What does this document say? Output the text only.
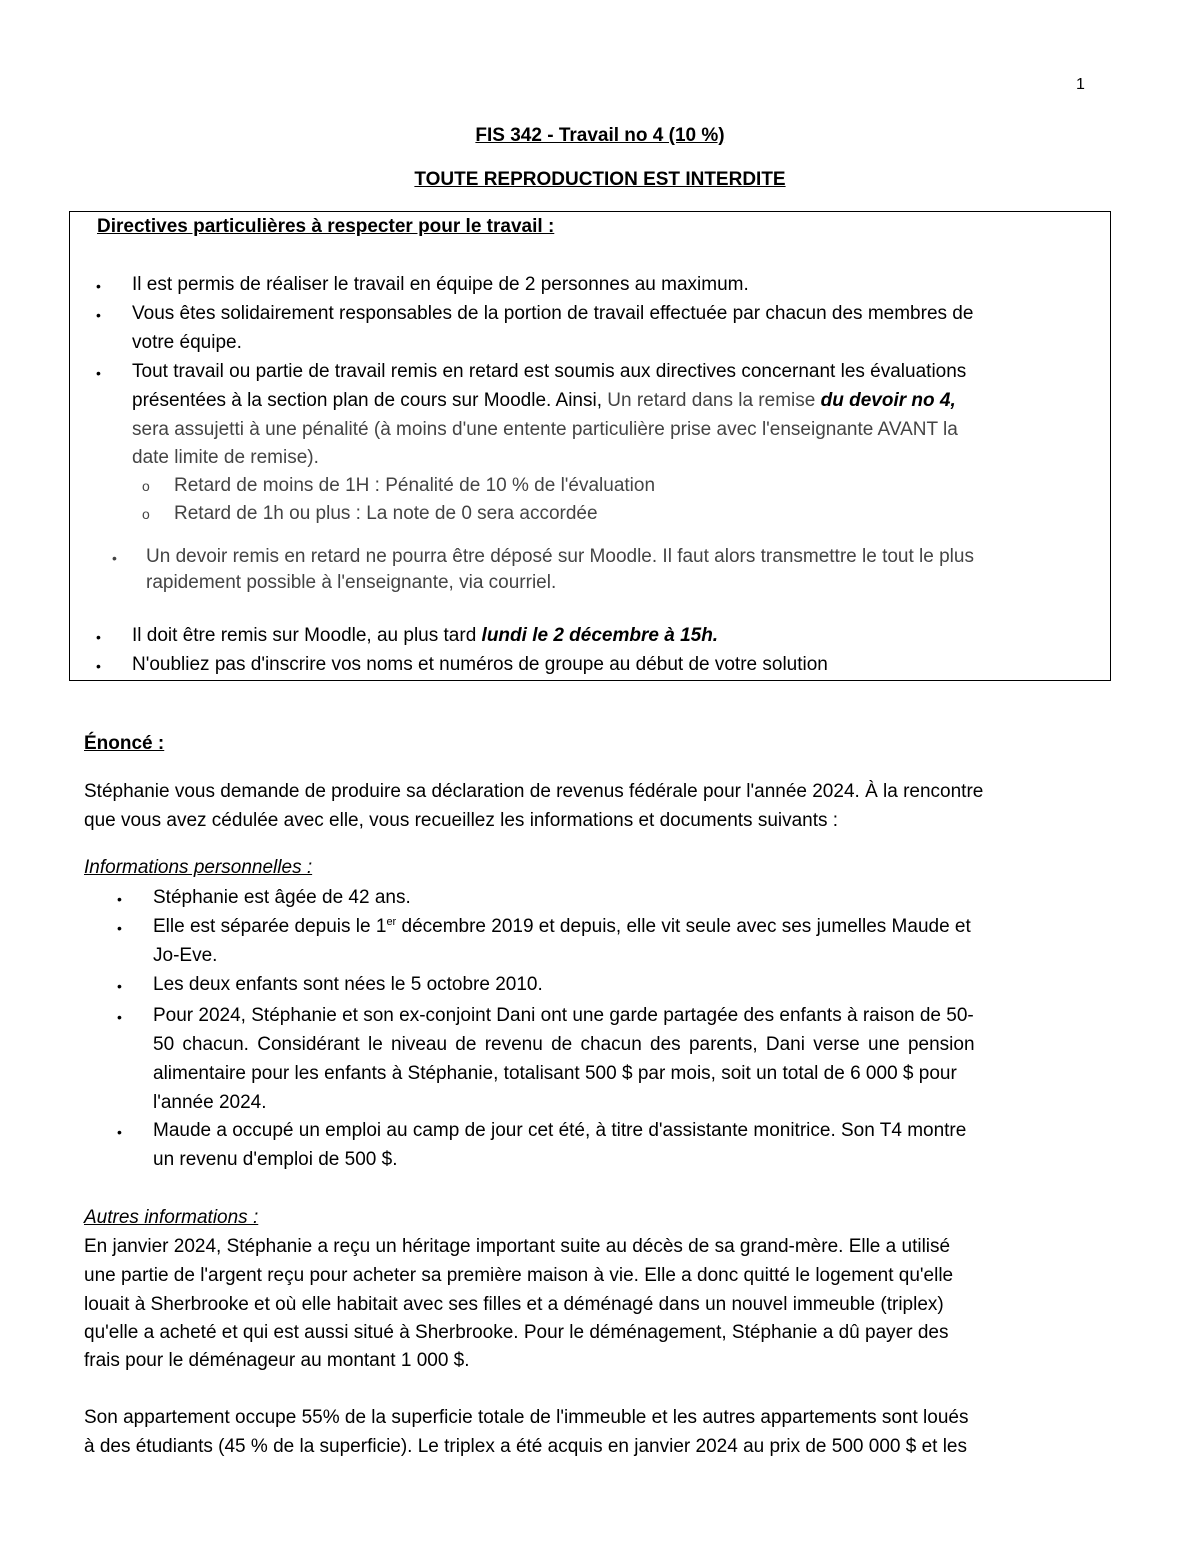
1
FIS 342 - Travail no 4 (10 %)
TOUTE REPRODUCTION EST INTERDITE
Directives particulières à respecter pour le travail :
• Il est permis de réaliser le travail en équipe de 2 personnes au maximum.
• Vous êtes solidairement responsables de la portion de travail effectuée par chacun des membres de
votre équipe.
• Tout travail ou partie de travail remis en retard est soumis aux directives concernant les évaluations
présentées à la section plan de cours sur Moodle. Ainsi, Un retard dans la remise du devoir no 4,
sera assujetti à une pénalité (à moins d'une entente particulière prise avec l'enseignante AVANT la
date limite de remise).
o Retard de moins de 1H : Pénalité de 10 % de l'évaluation
o Retard de 1h ou plus : La note de 0 sera accordée
• Un devoir remis en retard ne pourra être déposé sur Moodle. Il faut alors transmettre le tout le plus
rapidement possible à l'enseignante, via courriel.
• Il doit être remis sur Moodle, au plus tard lundi le 2 décembre à 15h.
• N'oubliez pas d'inscrire vos noms et numéros de groupe au début de votre solution
Énoncé :
Stéphanie vous demande de produire sa déclaration de revenus fédérale pour l'année 2024. À la rencontre
que vous avez cédulée avec elle, vous recueillez les informations et documents suivants :
Informations personnelles :
• Stéphanie est âgée de 42 ans.
• Elle est séparée depuis le 1er décembre 2019 et depuis, elle vit seule avec ses jumelles Maude et
Jo-Eve.
• Les deux enfants sont nées le 5 octobre 2010.
• Pour 2024, Stéphanie et son ex-conjoint Dani ont une garde partagée des enfants à raison de 50-
50 chacun. Considérant le niveau de revenu de chacun des parents, Dani verse une pension
alimentaire pour les enfants à Stéphanie, totalisant 500 $ par mois, soit un total de 6 000 $ pour
l'année 2024.
• Maude a occupé un emploi au camp de jour cet été, à titre d'assistante monitrice. Son T4 montre
un revenu d'emploi de 500 $.
Autres informations :
En janvier 2024, Stéphanie a reçu un héritage important suite au décès de sa grand-mère. Elle a utilisé
une partie de l'argent reçu pour acheter sa première maison à vie. Elle a donc quitté le logement qu'elle
louait à Sherbrooke et où elle habitait avec ses filles et a déménagé dans un nouvel immeuble (triplex)
qu'elle a acheté et qui est aussi situé à Sherbrooke. Pour le déménagement, Stéphanie a dû payer des
frais pour le déménageur au montant 1 000 $.
Son appartement occupe 55% de la superficie totale de l'immeuble et les autres appartements sont loués
à des étudiants (45 % de la superficie). Le triplex a été acquis en janvier 2024 au prix de 500 000 $ et les
